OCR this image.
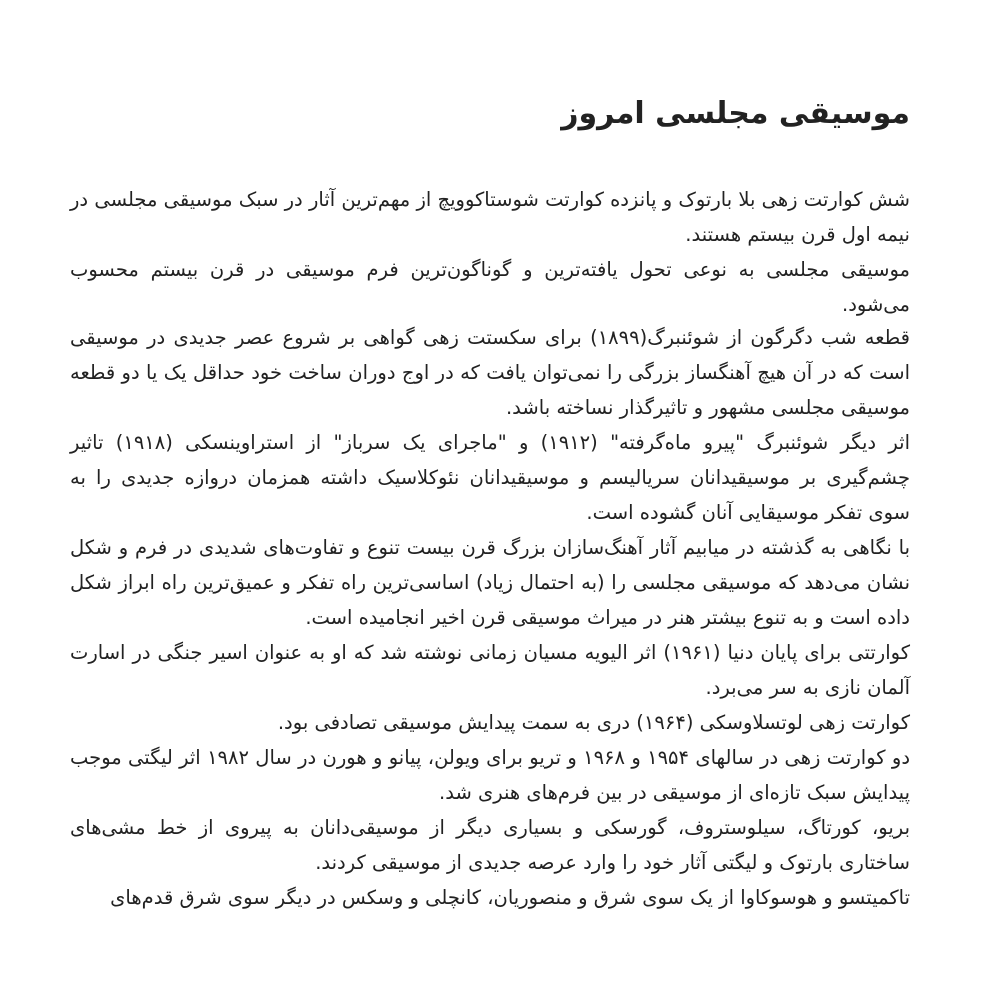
موسیقی مجلسی امروز

شش کوارتت زهی بلا بارتوک و پانزده کوارتت شوستاکوویچ از مهم‌ترین آثار در سبک موسیقی مجلسی در نیمه اول قرن بیستم هستند.

موسیقی مجلسی به نوعی تحول یافته‌ترین و گوناگون‌ترین فرم موسیقی در قرن بیستم محسوب می‌شود.

قطعه شب دگرگون از شوئنبرگ(۱۸۹۹) برای سکستت زهی گواهی بر شروع عصر جدیدی در موسیقی است که در آن هیچ آهنگساز بزرگی را نمی‌توان یافت که در اوج دوران ساخت خود حداقل یک یا دو قطعه موسیقی مجلسی مشهور و تاثیرگذار نساخته باشد.

اثر دیگر شوئنبرگ "پیرو ماه‌گرفته" (۱۹۱۲) و "ماجرای یک سرباز" از استراوینسکی (۱۹۱۸) تاثیر چشم‌گیری بر موسیقیدانان سریالیسم و موسیقیدانان نئوکلاسیک داشته همزمان دروازه جدیدی را به سوی تفکر موسیقایی آنان گشوده است.

با نگاهی به گذشته در میابیم آثار آهنگ‌سازان بزرگ قرن بیست تنوع و تفاوت‌های شدیدی در فرم و شکل نشان می‌دهد که موسیقی مجلسی را (به احتمال زیاد) اساسی‌ترین راه تفکر و عمیق‌ترین راه ابراز شکل داده است و به تنوع بیشتر هنر در میراث موسیقی قرن اخیر انجامیده است.

کوارتتی برای پایان دنیا (۱۹۶۱) اثر الیویه مسیان زمانی نوشته شد که او به عنوان اسیر جنگی در اسارت آلمان نازی به سر می‌برد.

کوارتت زهی لوتسلاوسکی (۱۹۶۴) دری به سمت پیدایش موسیقی تصادفی بود.

دو کوارتت زهی در سالهای ۱۹۵۴ و ۱۹۶۸ و تریو برای ویولن، پیانو و هورن در سال ۱۹۸۲ اثر لیگتی موجب پیدایش سبک تازه‌ای از موسیقی در بین فرم‌های هنری شد.

بریو، کورتاگ، سیلوستروف، گورسکی و بسیاری دیگر از موسیقی‌دانان به پیروی از خط مشی‌های ساختاری بارتوک و لیگتی آثار خود را وارد عرصه جدیدی از موسیقی کردند.

تاکمیتسو و هوسوکاوا از یک سوی شرق و منصوریان، کانچلی و وسکس در دیگر سوی شرق قدم‌های
